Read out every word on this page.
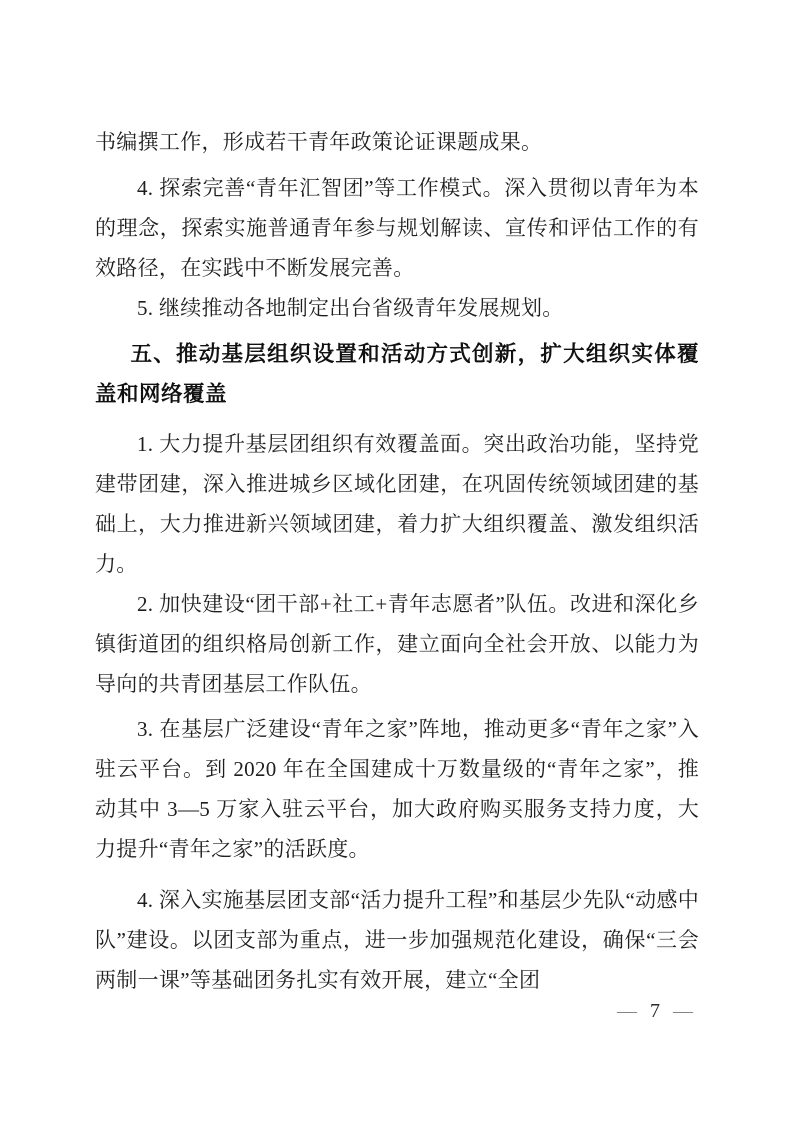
书编撰工作，形成若干青年政策论证课题成果。

4. 探索完善“青年汇智团”等工作模式。深入贯彻以青年为本的理念，探索实施普通青年参与规划解读、宣传和评估工作的有效路径，在实践中不断发展完善。

5. 继续推动各地制定出台省级青年发展规划。

五、推动基层组织设置和活动方式创新，扩大组织实体覆盖和网络覆盖

1. 大力提升基层团组织有效覆盖面。突出政治功能，坚持党建带团建，深入推进城乡区域化团建，在巩固传统领域团建的基础上，大力推进新兴领域团建，着力扩大组织覆盖、激发组织活力。

2. 加快建设“团干部+社工+青年志愿者”队伍。改进和深化乡镇街道团的组织格局创新工作，建立面向全社会开放、以能力为导向的共青团基层工作队伍。

3. 在基层广泛建设“青年之家”阵地，推动更多“青年之家”入驻云平台。到 2020 年在全国建成十万数量级的“青年之家”，推动其中 3—5 万家入驻云平台，加大政府购买服务支持力度，大力提升“青年之家”的活跃度。

4. 深入实施基层团支部“活力提升工程”和基层少先队“动感中队”建设。以团支部为重点，进一步加强规范化建设，确保“三会两制一课”等基础团务扎实有效开展，建立“全团

— 7 —
